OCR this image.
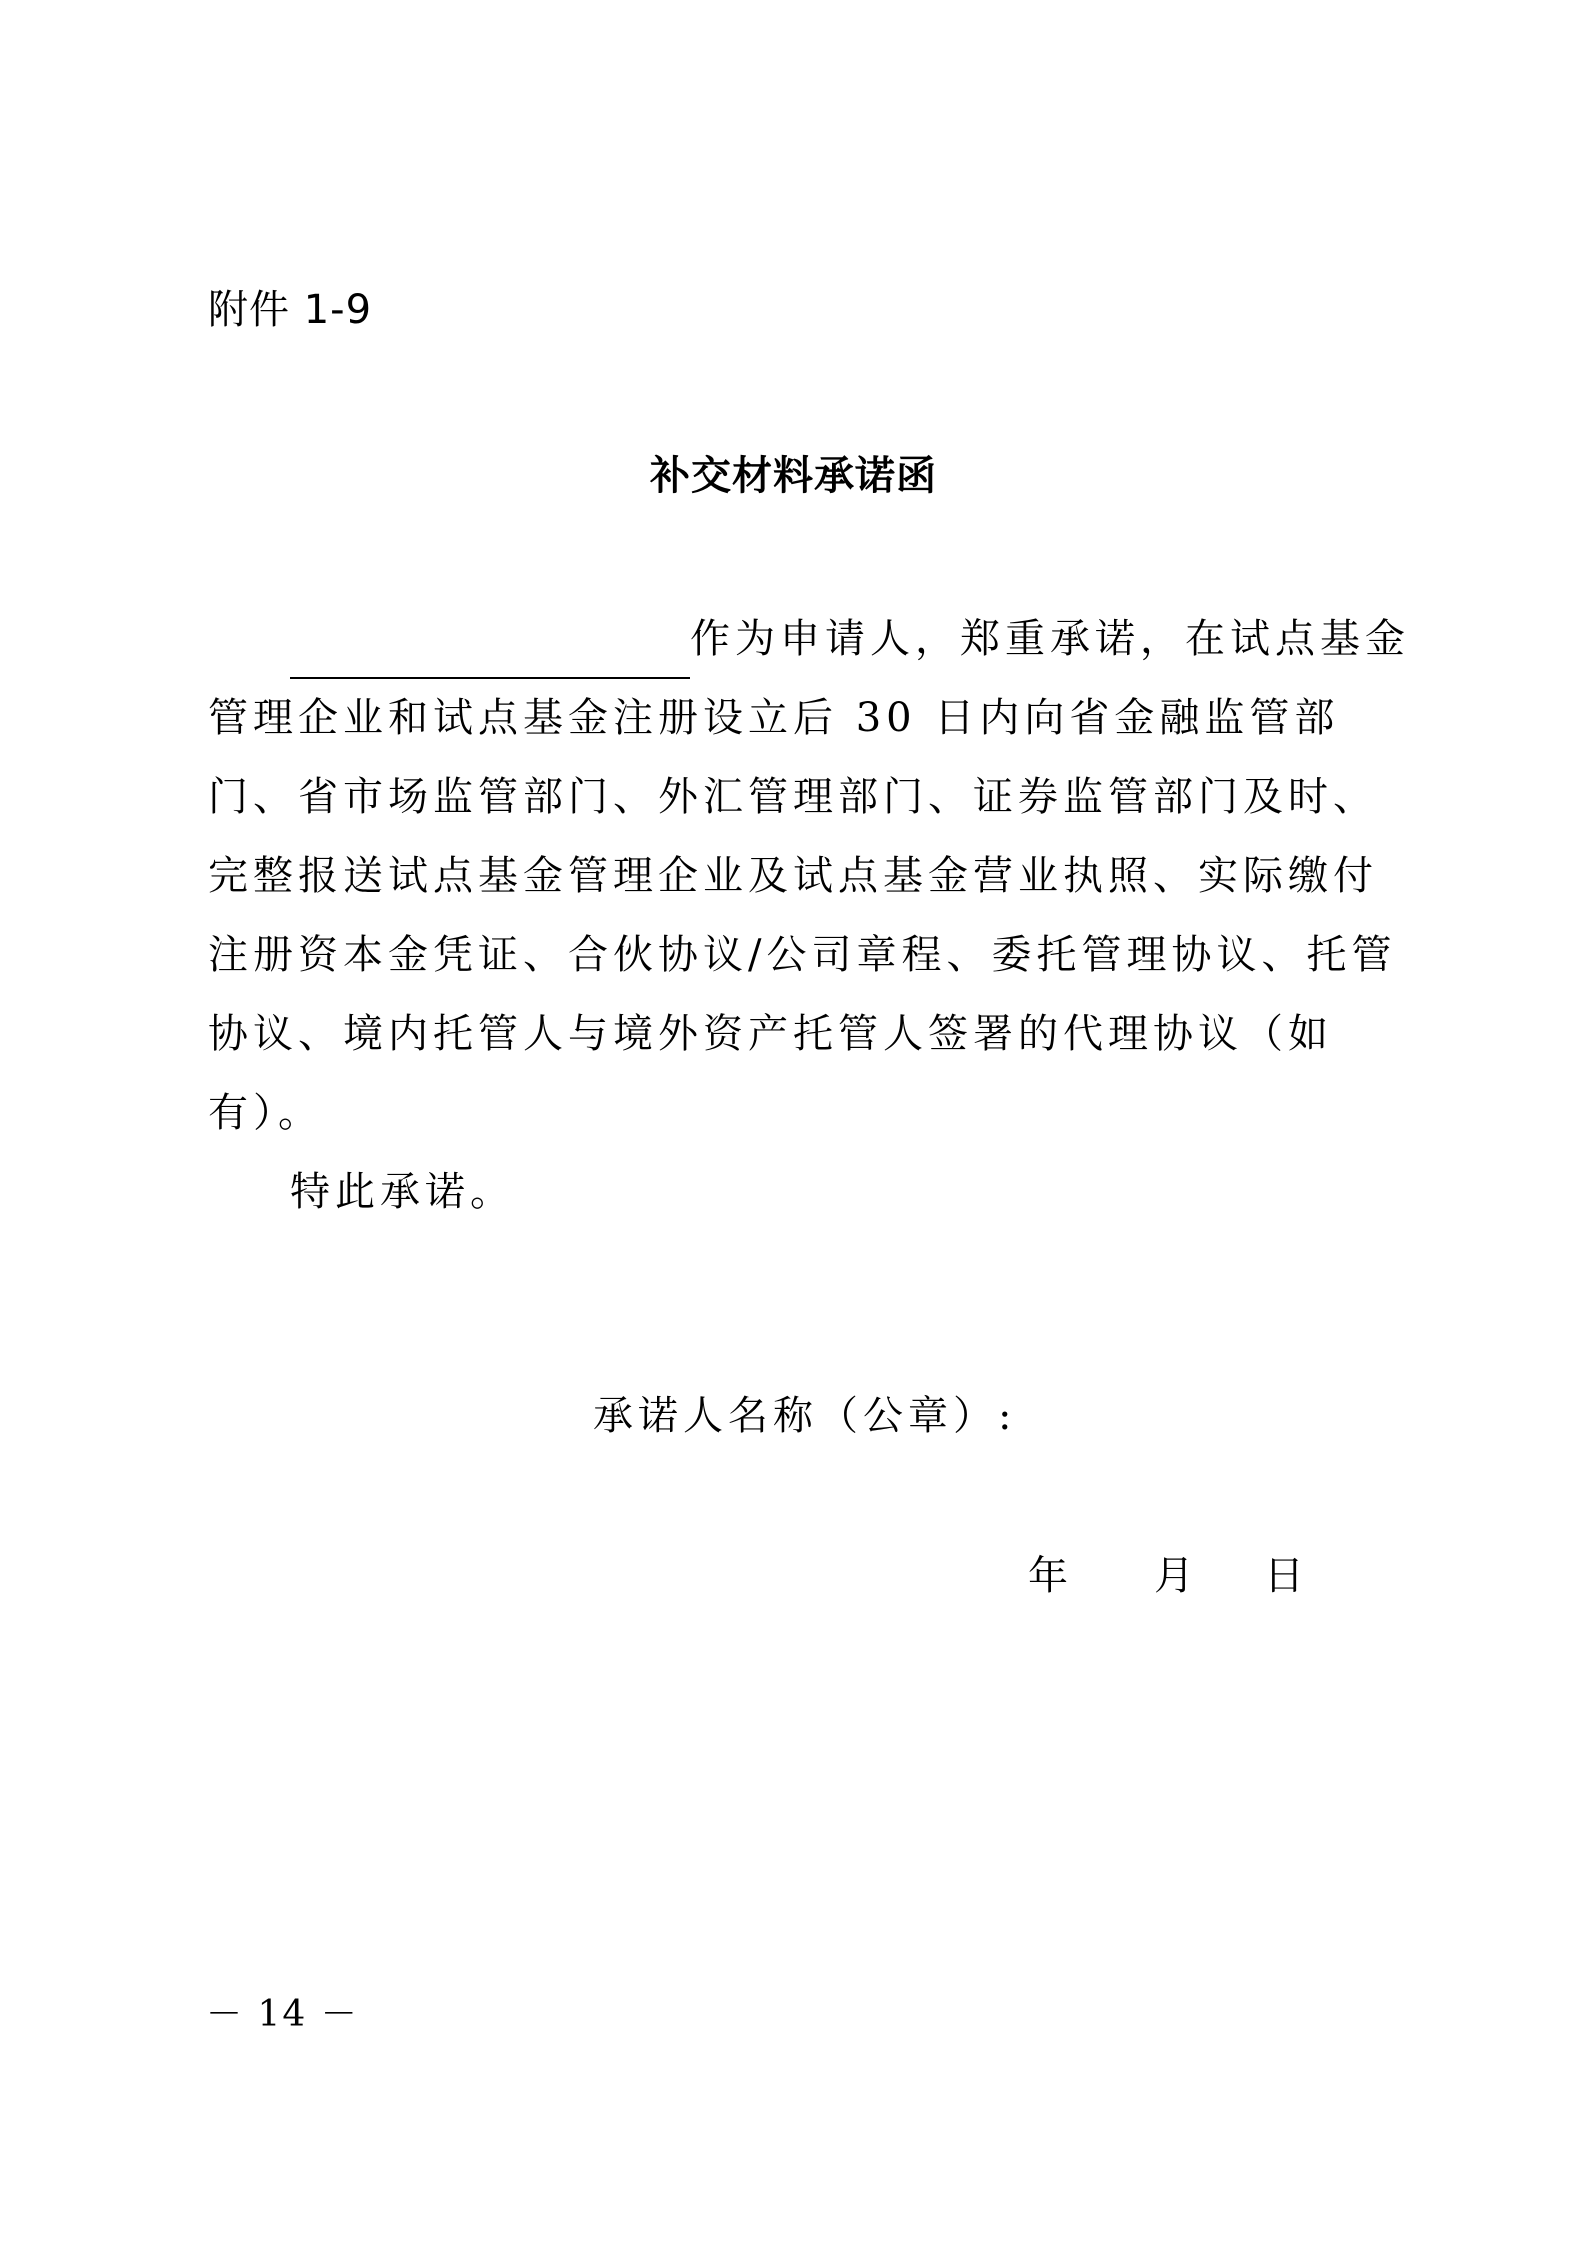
附件 1-9
补交材料承诺函

作为申请人，郑重承诺，在试点基金管理企业和试点基金注册设立后 30 日内向省金融监管部门、省市场监管部门、外汇管理部门、证券监管部门及时、完整报送试点基金管理企业及试点基金营业执照、实际缴付注册资本金凭证、合伙协议/公司章程、委托管理协议、托管协议、境内托管人与境外资产托管人签署的代理协议（如有）。

特此承诺。

承诺人名称（公章）:
年 月 日
－ 14 －
